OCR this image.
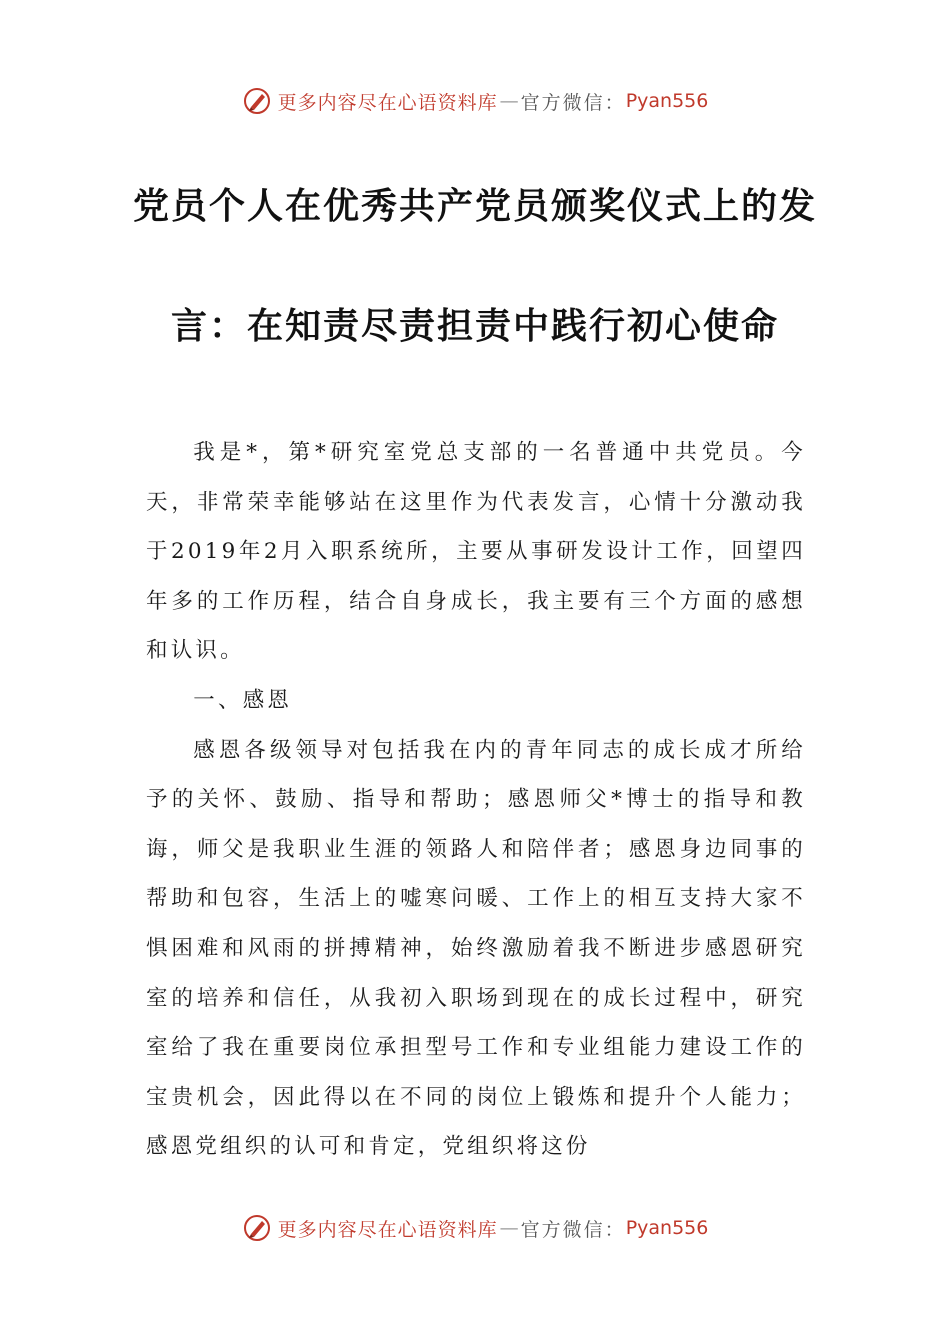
更多内容尽在心语资料库 — 官方微信： Pyan556
党员个人在优秀共产党员颁奖仪式上的发
言：在知责尽责担责中践行初心使命

我是*，第*研究室党总支部的一名普通中共党员。今天，非常荣幸能够站在这里作为代表发言，心情十分激动我于2019年2月入职系统所，主要从事研发设计工作，回望四年多的工作历程，结合自身成长，我主要有三个方面的感想和认识。

一、感恩

感恩各级领导对包括我在内的青年同志的成长成才所给予的关怀、鼓励、指导和帮助；感恩师父*博士的指导和教诲，师父是我职业生涯的领路人和陪伴者；感恩身边同事的帮助和包容，生活上的嘘寒问暖、工作上的相互支持大家不惧困难和风雨的拼搏精神，始终激励着我不断进步感恩研究室的培养和信任，从我初入职场到现在的成长过程中，研究室给了我在重要岗位承担型号工作和专业组能力建设工作的宝贵机会，因此得以在不同的岗位上锻炼和提升个人能力；感恩党组织的认可和肯定，党组织将这份

更多内容尽在心语资料库 — 官方微信： Pyan556
